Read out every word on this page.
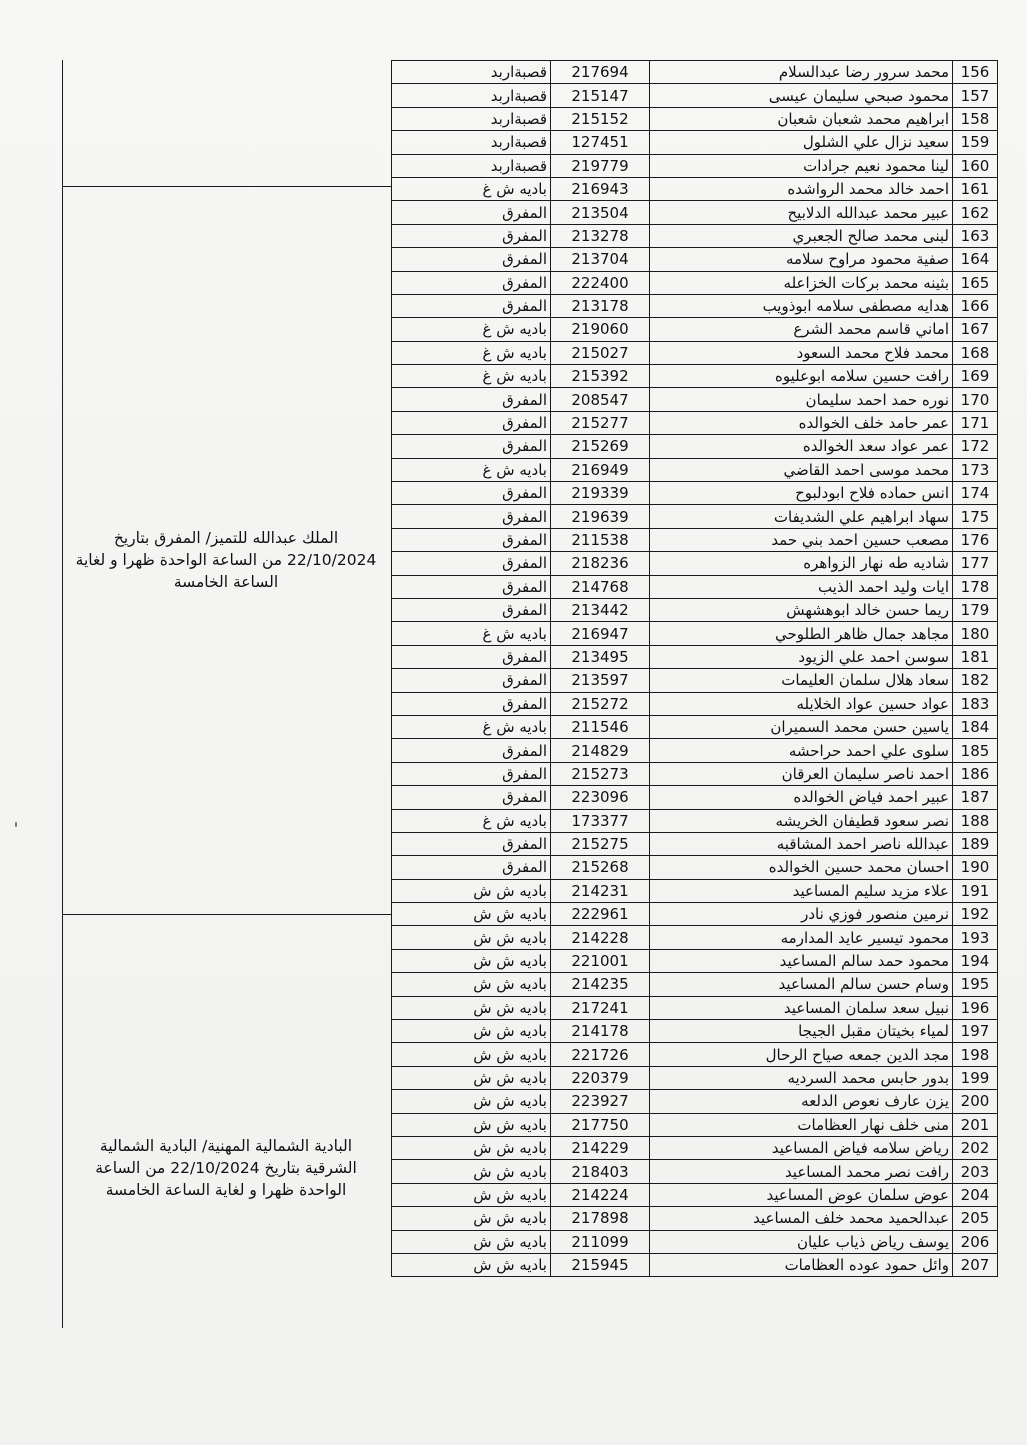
الملك عبدالله للتميز/ المفرق بتاريخ 22/10/2024 من الساعة الواحدة ظهرا و لغاية الساعة الخامسة
البادية الشمالية المهنية/ البادية الشمالية الشرقية بتاريخ 22/10/2024 من الساعة الواحدة ظهرا و لغاية الساعة الخامسة
قصبةاربد	217694	محمد سرور رضا عبدالسلام	156
قصبةاربد	215147	محمود صبحي سليمان عيسى	157
قصبةاربد	215152	ابراهيم محمد شعبان شعبان	158
قصبةاربد	127451	سعيد نزال علي الشلول	159
قصبةاربد	219779	لينا محمود نعيم جرادات	160
باديه ش غ	216943	احمد خالد محمد الرواشده	161
المفرق	213504	عبير محمد عبدالله الدلابيح	162
المفرق	213278	لبنى محمد صالح الجعبري	163
المفرق	213704	صفية محمود مراوح سلامه	164
المفرق	222400	بثينه محمد بركات الخزاعله	165
المفرق	213178	هدايه مصطفى سلامه ابوذويب	166
باديه ش غ	219060	اماني قاسم محمد الشرع	167
باديه ش غ	215027	محمد فلاح محمد السعود	168
باديه ش غ	215392	رافت حسين سلامه ابوعليوه	169
المفرق	208547	نوره حمد احمد سليمان	170
المفرق	215277	عمر حامد خلف الخوالده	171
المفرق	215269	عمر عواد سعد الخوالده	172
باديه ش غ	216949	محمد موسى احمد القاضي	173
المفرق	219339	انس حماده فلاح ابودلبوح	174
المفرق	219639	سهاد ابراهيم علي الشديفات	175
المفرق	211538	مصعب حسين احمد بني حمد	176
المفرق	218236	شاديه طه نهار الزواهره	177
المفرق	214768	ايات وليد احمد الذيب	178
المفرق	213442	ريما حسن خالد ابوهشهش	179
باديه ش غ	216947	مجاهد جمال ظاهر الطلوحي	180
المفرق	213495	سوسن احمد علي الزيود	181
المفرق	213597	سعاد هلال سلمان العليمات	182
المفرق	215272	عواد حسين عواد الخلايله	183
باديه ش غ	211546	ياسين حسن محمد السميران	184
المفرق	214829	سلوى علي احمد حراحشه	185
المفرق	215273	احمد ناصر سليمان العرقان	186
المفرق	223096	عبير احمد فياض الخوالده	187
باديه ش غ	173377	نصر سعود قطيفان الخريشه	188
المفرق	215275	عبدالله ناصر احمد المشاقبه	189
المفرق	215268	احسان محمد حسين الخوالده	190
باديه ش ش	214231	علاء مزيد سليم المساعيد	191
باديه ش ش	222961	نرمين منصور فوزي نادر	192
باديه ش ش	214228	محمود تيسير عايد المدارمه	193
باديه ش ش	221001	محمود حمد سالم المساعيد	194
باديه ش ش	214235	وسام حسن سالم المساعيد	195
باديه ش ش	217241	نبيل سعد سلمان المساعيد	196
باديه ش ش	214178	لمياء بخيتان مقبل الجيجا	197
باديه ش ش	221726	مجد الدين جمعه صياح الرحال	198
باديه ش ش	220379	بدور حابس محمد السرديه	199
باديه ش ش	223927	يزن عارف نعوص الدلعه	200
باديه ش ش	217750	منى خلف نهار العظامات	201
باديه ش ش	214229	رياض سلامه فياض المساعيد	202
باديه ش ش	218403	رافت نصر محمد المساعيد	203
باديه ش ش	214224	عوض سلمان عوض المساعيد	204
باديه ش ش	217898	عبدالحميد محمد خلف المساعيد	205
باديه ش ش	211099	يوسف رياض ذياب عليان	206
باديه ش ش	215945	وائل حمود عوده العظامات	207
